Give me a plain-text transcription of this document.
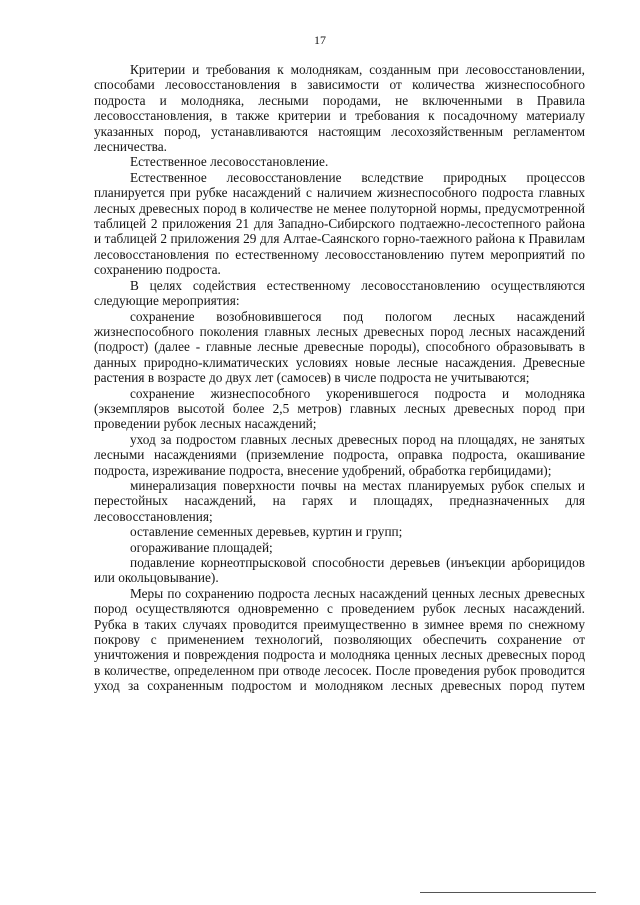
17

Критерии и требования к молоднякам, созданным при лесовосстановлении, способами лесовосстановления в зависимости от количества жизнеспособного подроста и молодняка, лесными породами, не включенными в Правила лесовосстановления, в также критерии и требования к посадочному материалу указанных пород, устанавливаются настоящим лесохозяйственным регламентом лесничества.

Естественное лесовосстановление.

Естественное лесовосстановление вследствие природных процессов планируется при рубке насаждений с наличием жизнеспособного подроста главных лесных древесных пород в количестве не менее полуторной нормы, предусмотренной таблицей 2 приложения 21 для Западно-Сибирского подтаежно-лесостепного района и таблицей 2 приложения 29 для Алтае-Саянского горно-таежного района к Правилам лесовосстановления по естественному лесовосстановлению путем мероприятий по сохранению подроста.

В целях содействия естественному лесовосстановлению осуществляются следующие мероприятия:

сохранение возобновившегося под пологом лесных насаждений жизнеспособного поколения главных лесных древесных пород лесных насаждений (подрост) (далее - главные лесные древесные породы), способного образовывать в данных природно-климатических условиях новые лесные насаждения. Древесные растения в возрасте до двух лет (самосев) в числе подроста не учитываются;

сохранение жизнеспособного укоренившегося подроста и молодняка (экземпляров высотой более 2,5 метров) главных лесных древесных пород при проведении рубок лесных насаждений;

уход за подростом главных лесных древесных пород на площадях, не занятых лесными насаждениями (приземление подроста, оправка подроста, окашивание подроста, изреживание подроста, внесение удобрений, обработка гербицидами);

минерализация поверхности почвы на местах планируемых рубок спелых и перестойных насаждений, на гарях и площадях, предназначенных для лесовосстановления;

оставление семенных деревьев, куртин и групп;

огораживание площадей;

подавление корнеотпрысковой способности деревьев (инъекции арборицидов или окольцовывание).

Меры по сохранению подроста лесных насаждений ценных лесных древесных пород осуществляются одновременно с проведением рубок лесных насаждений. Рубка в таких случаях проводится преимущественно в зимнее время по снежному покрову с применением технологий, позволяющих обеспечить сохранение от уничтожения и повреждения подроста и молодняка ценных лесных древесных пород в количестве, определенном при отводе лесосек. После проведения рубок проводится уход за сохраненным подростом и молодняком лесных древесных пород путем
